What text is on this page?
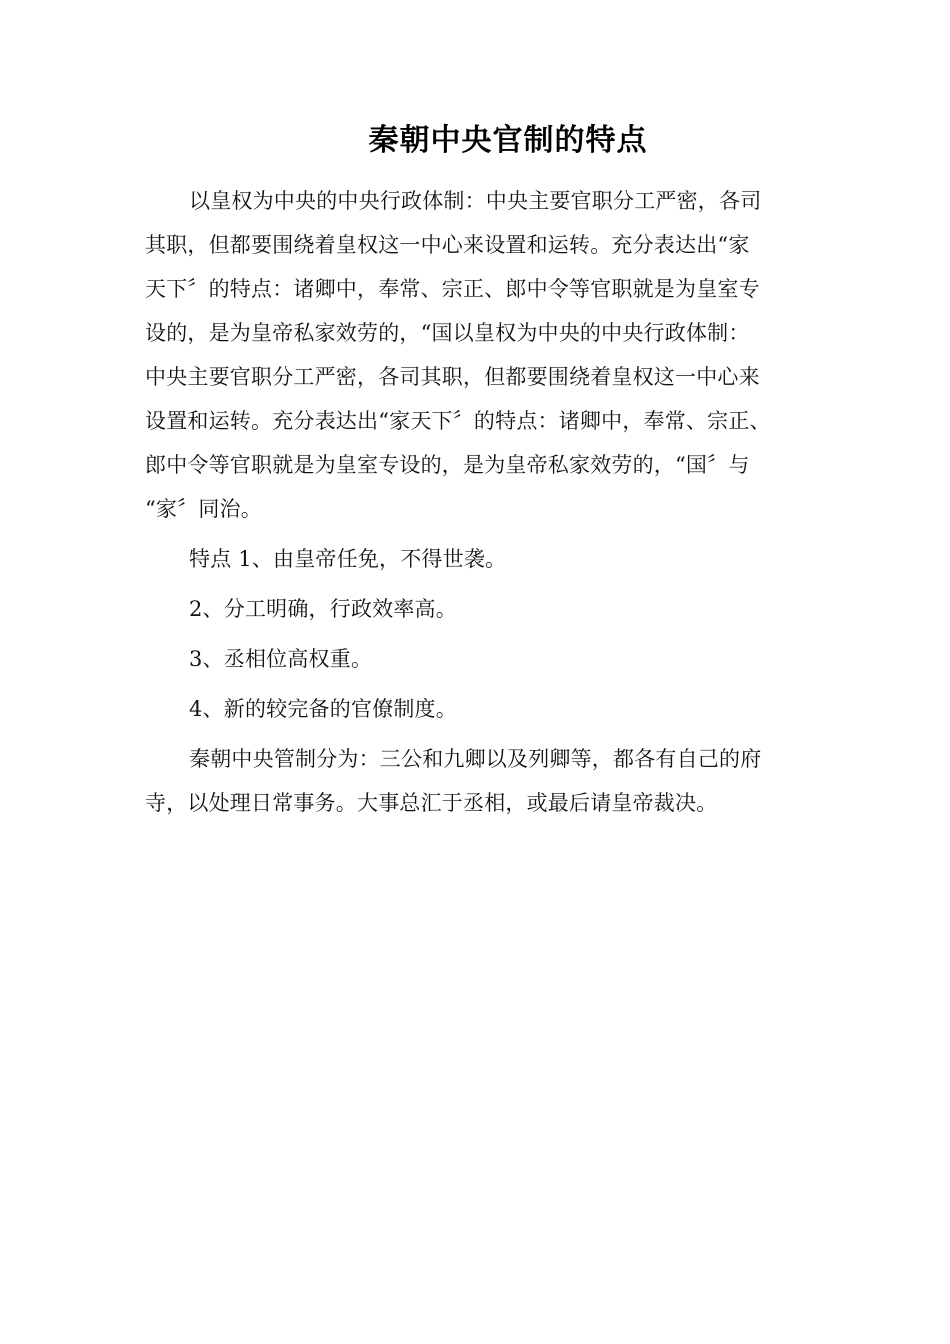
秦朝中央官制的特点
以皇权为中央的中央行政体制：中央主要官职分工严密，各司
其职，但都要围绕着皇权这一中心来设置和运转。充分表达出“家
天下〞的特点：诸卿中，奉常、宗正、郎中令等官职就是为皇室专
设的，是为皇帝私家效劳的，“国以皇权为中央的中央行政体制：
中央主要官职分工严密，各司其职，但都要围绕着皇权这一中心来
设置和运转。充分表达出“家天下〞的特点：诸卿中，奉常、宗正、
郎中令等官职就是为皇室专设的，是为皇帝私家效劳的，“国〞与
“家〞同治。
特点 1、由皇帝任免，不得世袭。
2、分工明确，行政效率高。
3、丞相位高权重。
4、新的较完备的官僚制度。
秦朝中央管制分为：三公和九卿以及列卿等，都各有自己的府
寺，以处理日常事务。大事总汇于丞相，或最后请皇帝裁决。
